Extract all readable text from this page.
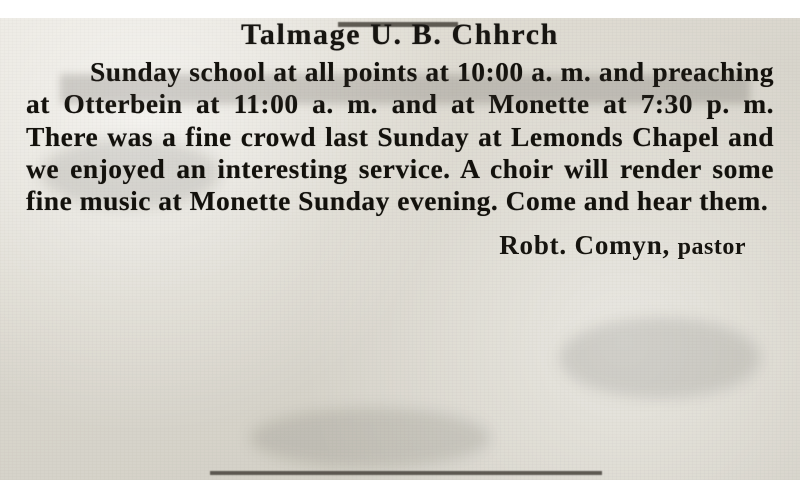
Talmage U. B. Chhrch

Sunday school at all points at 10:00 a. m. and preaching at Otterbein at 11:00 a. m. and at Monette at 7:30 p. m. There was a fine crowd last Sunday at Lemonds Chapel and we enjoyed an interesting service. A choir will render some fine music at Monette Sunday evening. Come and hear them.

Robt. Comyn, pastor
